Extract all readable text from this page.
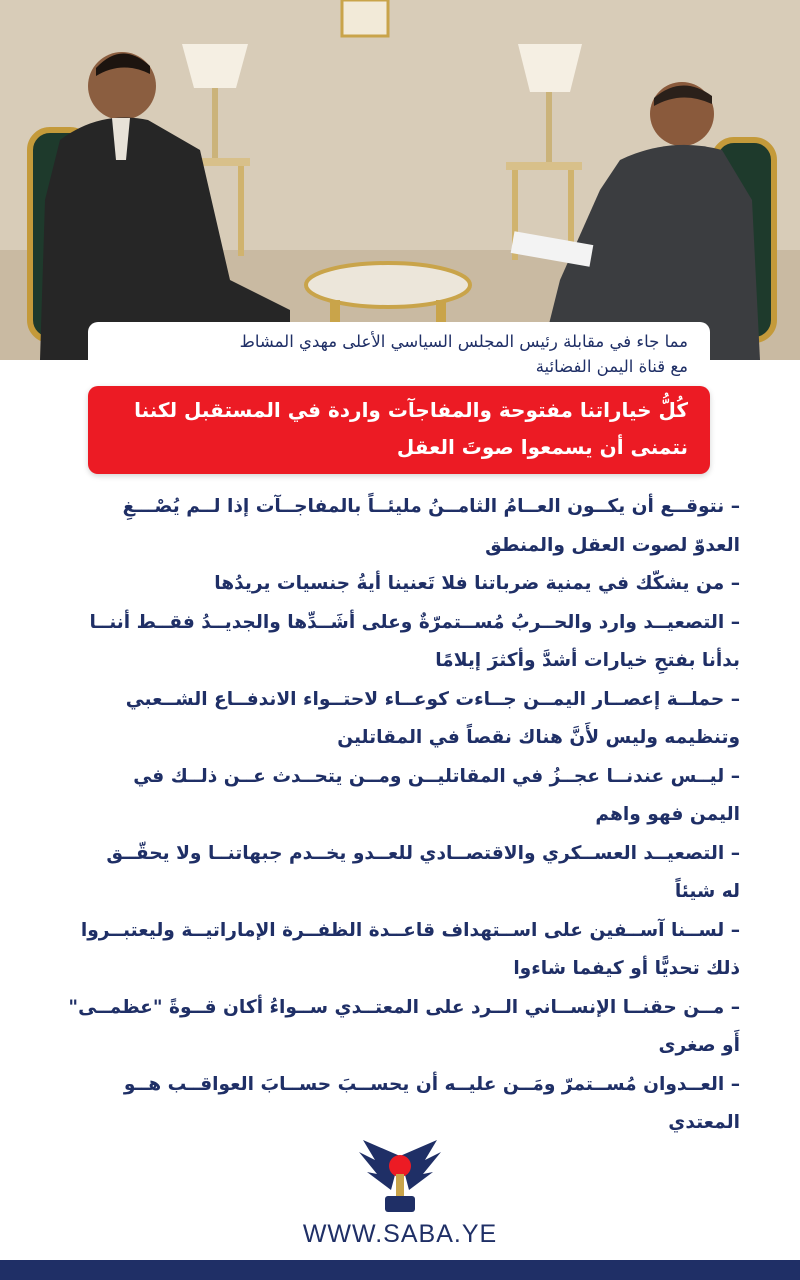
مما جاء في مقابلة رئيس المجلس السياسي الأعلى مهدي المشاط
مع قناة اليمن الفضائية
كُلُّ خياراتنا مفتوحة والمفاجآت واردة في المستقبل لكننا
نتمنى أن يسمعوا صوتَ العقل
– نتوقــع أن يكــون العــامُ الثامــنُ مليئــاً بالمفاجــآت إذا لــم يُصْـــغِ
العدوّ لصوت العقل والمنطق
– من يشكّك في يمنية ضرباتنا فلا تَعنينا أيةُ جنسيات يريدُها
– التصعيــد وارد والحــربُ مُســتمرّةٌ وعلى أشَــدِّها والجديــدُ فقــط أننــا
بدأنا بفتحِ خيارات أشدَّ وأكثرَ إيلامًا
– حملــة إعصــار اليمــن جــاءت كوعــاء لاحتــواء الاندفــاع الشــعبي
وتنظيمه وليس لأَنَّ هناك نقصاً في المقاتلين
– ليــس عندنــا عجــزُ في المقاتليــن ومــن يتحــدث عــن ذلــك في
اليمن فهو واهم
– التصعيــد العســكري والاقتصــادي للعــدو يخــدم جبهاتنــا ولا يحقّــق
له شيئاً
– لســنا آســفين على اســتهداف قاعــدة الظفــرة الإماراتيــة وليعتبــروا
ذلك تحديًّا أو كيفما شاءوا
– مــن حقنــا الإنســاني الــرد على المعتــدي ســواءُ أكان قــوةً "عظمــى"
أَو صغرى
– العــدوان مُســتمرّ ومَــن عليــه أن يحســبَ حســابَ العواقــب هــو
المعتدي
WWW.SABA.YE
